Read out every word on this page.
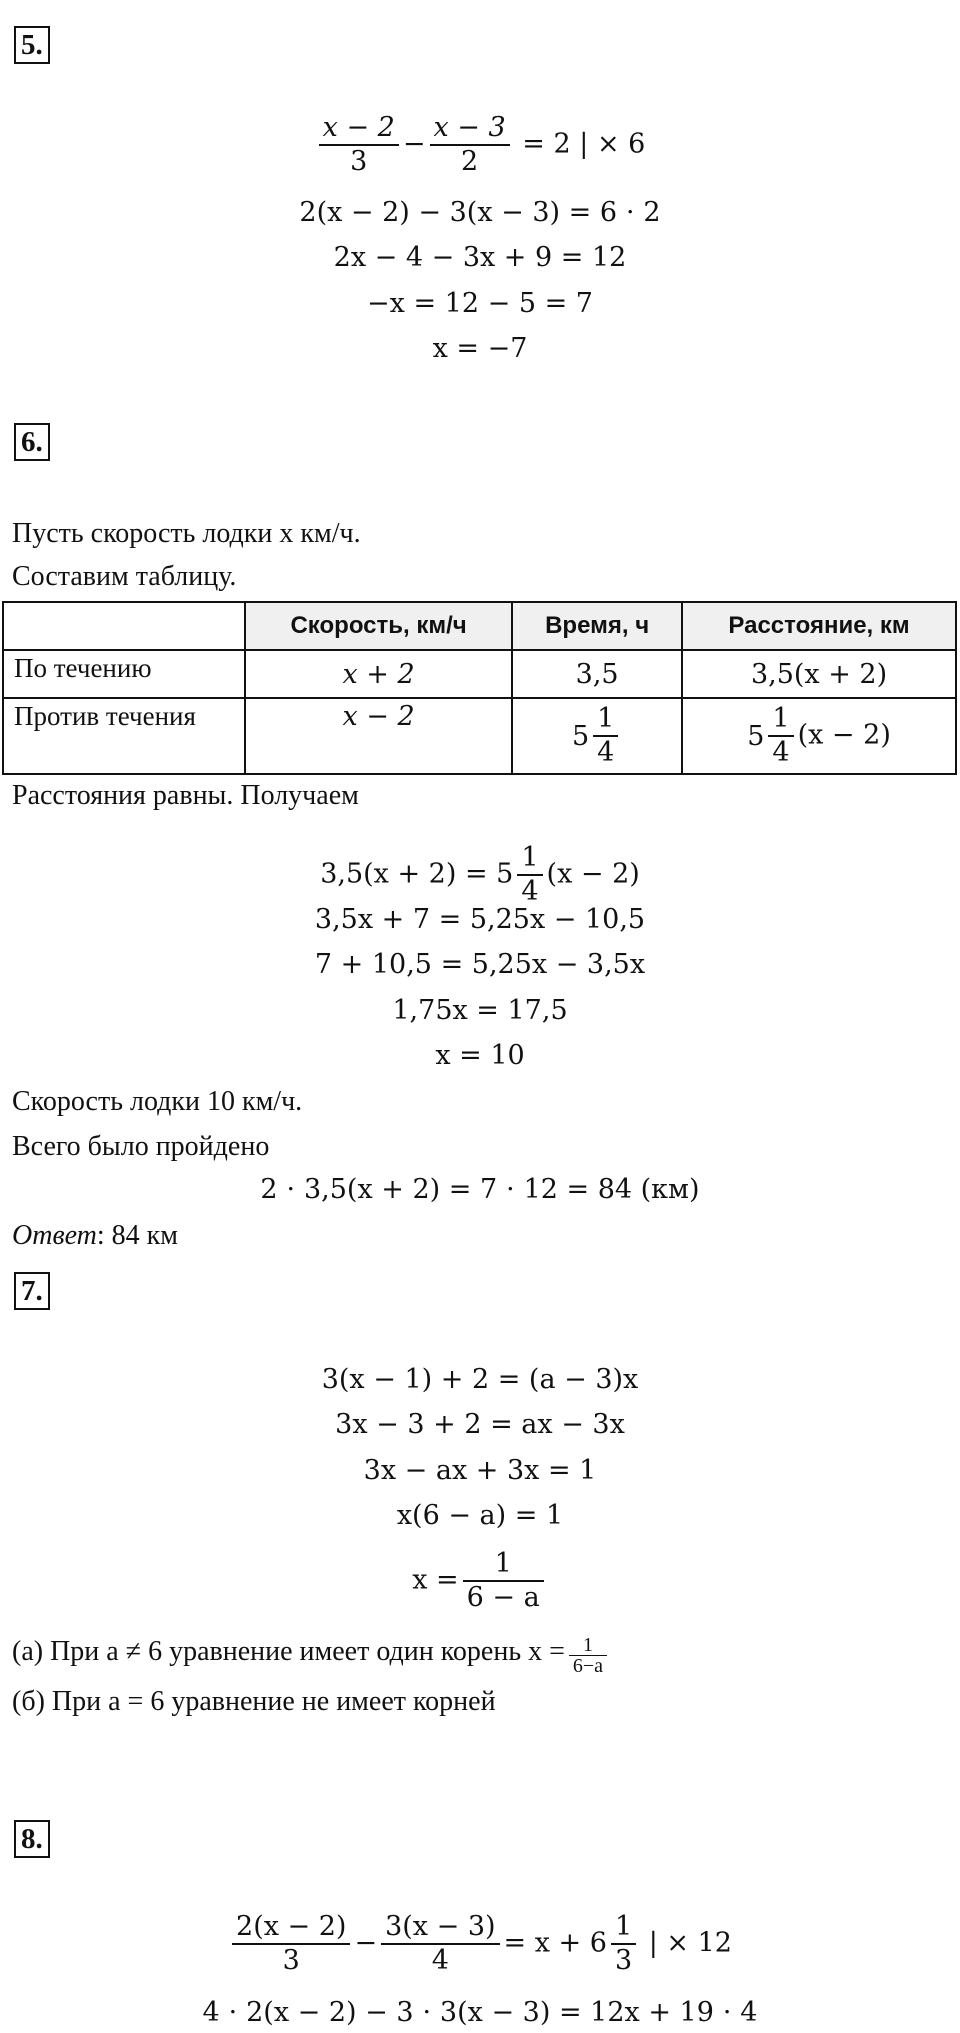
5.
$\frac{x - 2}{3} - \frac{x - 3}{2} = 2$ | × 6
2(x − 2) − 3(x − 3) = 6 ⋅ 2
2x − 4 − 3x + 9 = 12
−x = 12 − 5 = 7
x = −7
6.
Пусть скорость лодки x км/ч.
Составим таблицу.
	Скорость, км/ч	Время, ч	Расстояние, км
По течению	x + 2	3,5	3,5(x + 2)
Против течения	x − 2	$5 \frac{1}{4}$	$5 \frac{1}{4} (x - 2)$
Расстояния равны. Получаем
$3,5(x + 2) = 5 \frac{1}{4} (x - 2)$
3,5x + 7 = 5,25x − 10,5
7 + 10,5 = 5,25x − 3,5x
1,75x = 17,5
x = 10
Скорость лодки 10 км/ч.
Всего было пройдено
2 ⋅ 3,5(x + 2) = 7 ⋅ 12 = 84 (км)
Ответ: 84 км
7.
3(x − 1) + 2 = (a − 3)x
3x − 3 + 2 = ax − 3x
3x − ax + 3x = 1
x(6 − a) = 1
$x = \frac{1}{6 - a}$
(а) При a ≠ 6 уравнение имеет один корень $x = \frac{1}{6-a}$
(б) При a = 6 уравнение не имеет корней
8.
$\frac{2(x - 2)}{3} - \frac{3(x - 3)}{4} = x + 6 \frac{1}{3}$ | × 12
4 ⋅ 2(x − 2) − 3 ⋅ 3(x − 3) = 12x + 19 ⋅ 4
